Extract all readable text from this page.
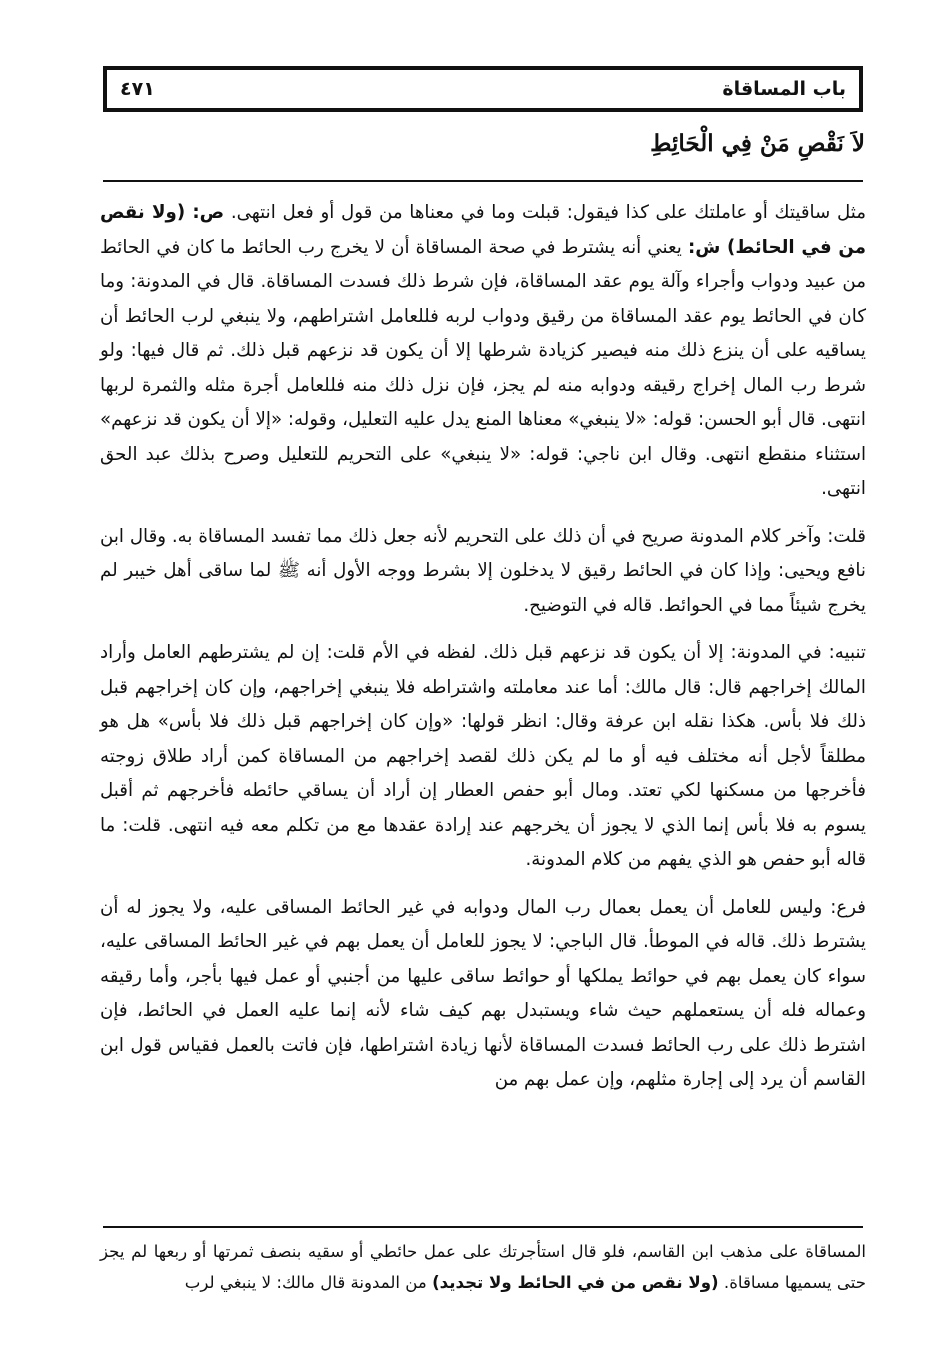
باب المساقاة
٤٧١
لاَ نَقْصِ مَنْ فِي الْحَائِطِ

مثل ساقيتك أو عاملتك على كذا فيقول: قبلت وما في معناها من قول أو فعل انتهى. ص: (ولا نقص من في الحائط) ش: يعني أنه يشترط في صحة المساقاة أن لا يخرج رب الحائط ما كان في الحائط من عبيد ودواب وأجراء وآلة يوم عقد المساقاة، فإن شرط ذلك فسدت المساقاة. قال في المدونة: وما كان في الحائط يوم عقد المساقاة من رقيق ودواب لربه فللعامل اشتراطهم، ولا ينبغي لرب الحائط أن يساقيه على أن ينزع ذلك منه فيصير كزيادة شرطها إلا أن يكون قد نزعهم قبل ذلك. ثم قال فيها: ولو شرط رب المال إخراج رقيقه ودوابه منه لم يجز، فإن نزل ذلك منه فللعامل أجرة مثله والثمرة لربها انتهى. قال أبو الحسن: قوله: «لا ينبغي» معناها المنع يدل عليه التعليل، وقوله: «إلا أن يكون قد نزعهم» استثناء منقطع انتهى. وقال ابن ناجي: قوله: «لا ينبغي» على التحريم للتعليل وصرح بذلك عبد الحق انتهى.

قلت: وآخر كلام المدونة صريح في أن ذلك على التحريم لأنه جعل ذلك مما تفسد المساقاة به. وقال ابن نافع ويحيى: وإذا كان في الحائط رقيق لا يدخلون إلا بشرط ووجه الأول أنه ﷺ لما ساقى أهل خيبر لم يخرج شيئاً مما في الحوائط. قاله في التوضيح.

تنبيه: في المدونة: إلا أن يكون قد نزعهم قبل ذلك. لفظه في الأم قلت: إن لم يشترطهم العامل وأراد المالك إخراجهم قال: قال مالك: أما عند معاملته واشتراطه فلا ينبغي إخراجهم، وإن كان إخراجهم قبل ذلك فلا بأس. هكذا نقله ابن عرفة وقال: انظر قولها: «وإن كان إخراجهم قبل ذلك فلا بأس» هل هو مطلقاً لأجل أنه مختلف فيه أو ما لم يكن ذلك لقصد إخراجهم من المساقاة كمن أراد طلاق زوجته فأخرجها من مسكنها لكي تعتد. ومال أبو حفص العطار إن أراد أن يساقي حائطه فأخرجهم ثم أقبل يسوم به فلا بأس إنما الذي لا يجوز أن يخرجهم عند إرادة عقدها مع من تكلم معه فيه انتهى. قلت: ما قاله أبو حفص هو الذي يفهم من كلام المدونة.

فرع: وليس للعامل أن يعمل بعمال رب المال ودوابه في غير الحائط المساقى عليه، ولا يجوز له أن يشترط ذلك. قاله في الموطأ. قال الباجي: لا يجوز للعامل أن يعمل بهم في غير الحائط المساقى عليه، سواء كان يعمل بهم في حوائط يملكها أو حوائط ساقى عليها من أجنبي أو عمل فيها بأجر، وأما رقيقه وعماله فله أن يستعملهم حيث شاء ويستبدل بهم كيف شاء لأنه إنما عليه العمل في الحائط، فإن اشترط ذلك على رب الحائط فسدت المساقاة لأنها زيادة اشتراطها، فإن فاتت بالعمل فقياس قول ابن القاسم أن يرد إلى إجارة مثلهم، وإن عمل بهم من

المساقاة على مذهب ابن القاسم، فلو قال استأجرتك على عمل حائطي أو سقيه بنصف ثمرتها أو ربعها لم يجز حتى يسميها مساقاة. (ولا نقص من في الحائط ولا تجديد) من المدونة قال مالك: لا ينبغي لرب
